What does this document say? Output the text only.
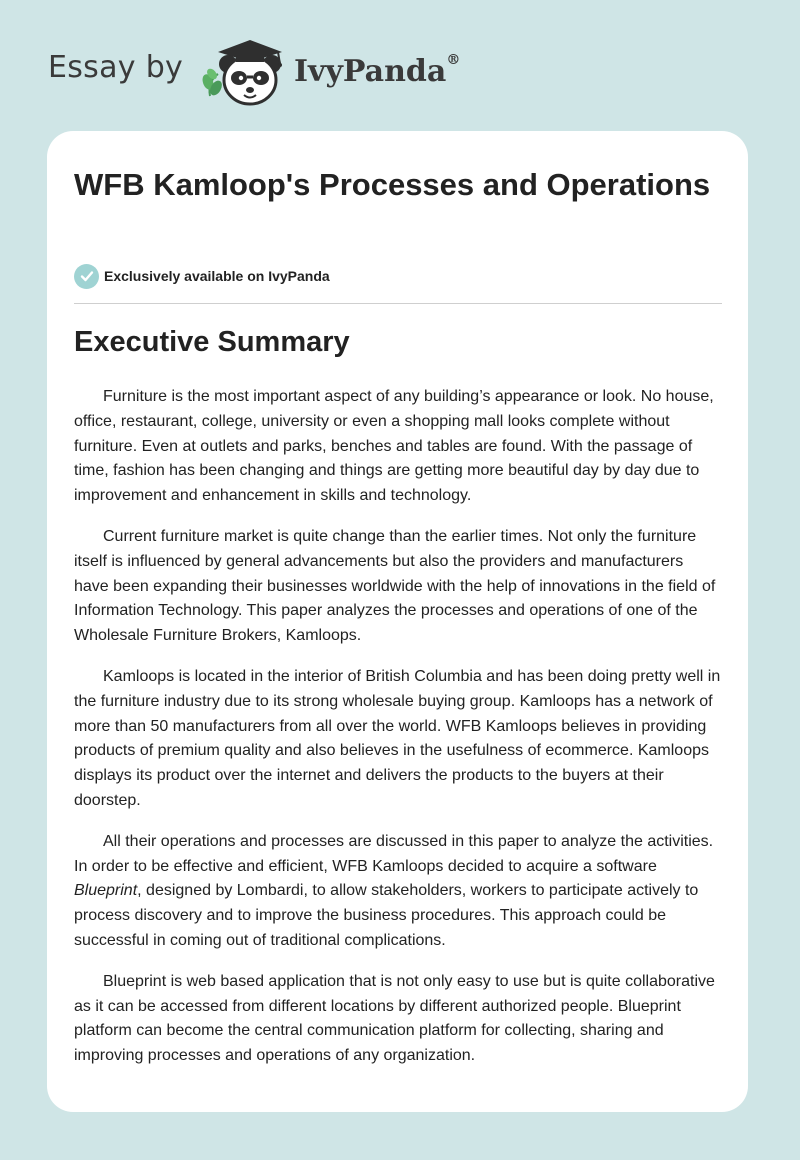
Essay by	IvyPanda®
WFB Kamloop's Processes and Operations
Exclusively available on IvyPanda
Executive Summary

Furniture is the most important aspect of any building’s appearance or look. No house, office, restaurant, college, university or even a shopping mall looks complete without furniture. Even at outlets and parks, benches and tables are found. With the passage of time, fashion has been changing and things are getting more beautiful day by day due to improvement and enhancement in skills and technology.

Current furniture market is quite change than the earlier times. Not only the furniture itself is influenced by general advancements but also the providers and manufacturers have been expanding their businesses worldwide with the help of innovations in the field of Information Technology. This paper analyzes the processes and operations of one of the Wholesale Furniture Brokers, Kamloops.

Kamloops is located in the interior of British Columbia and has been doing pretty well in the furniture industry due to its strong wholesale buying group. Kamloops has a network of more than 50 manufacturers from all over the world. WFB Kamloops believes in providing products of premium quality and also believes in the usefulness of ecommerce. Kamloops displays its product over the internet and delivers the products to the buyers at their doorstep.

All their operations and processes are discussed in this paper to analyze the activities. In order to be effective and efficient, WFB Kamloops decided to acquire a software Blueprint, designed by Lombardi, to allow stakeholders, workers to participate actively to process discovery and to improve the business procedures. This approach could be successful in coming out of traditional complications.

Blueprint is web based application that is not only easy to use but is quite collaborative as it can be accessed from different locations by different authorized people. Blueprint platform can become the central communication platform for collecting, sharing and improving processes and operations of any organization.
